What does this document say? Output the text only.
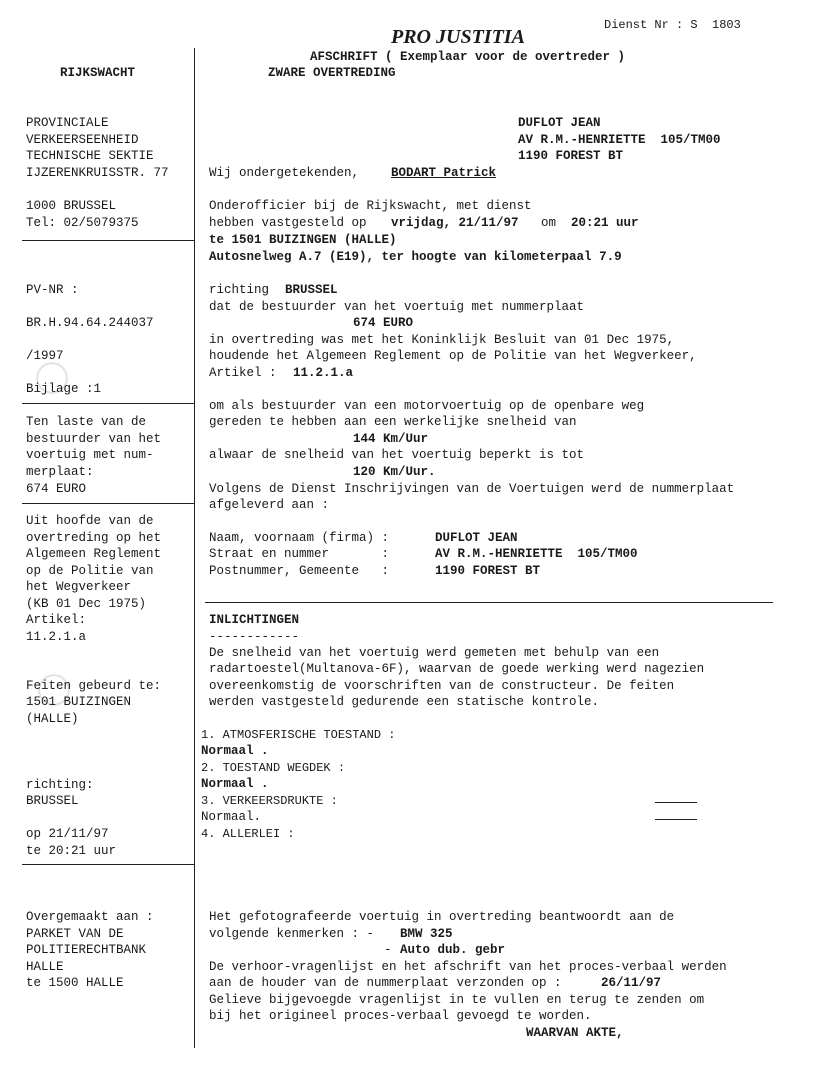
PRO JUSTITIA
Dienst Nr : S  1803
AFSCHRIFT ( Exemplaar voor de overtreder )
RIJKSWACHT	ZWARE OVERTREDING
PROVINCIALE
VERKEERSEENHEID
TECHNISCHE SEKTIE
IJZERENKRUISSTR. 77
1000 BRUSSEL
Tel: 02/5079375
DUFLOT JEAN
AV R.M.-HENRIETTE  105/TM00
1190 FOREST BT
Wij ondergetekenden,	BODART Patrick
Onderofficier bij de Rijkswacht, met dienst
hebben vastgesteld op vrijdag, 21/11/97 om 20:21 uur
te 1501 BUIZINGEN (HALLE)
Autosnelweg A.7 (E19), ter hoogte van kilometerpaal 7.9
PV-NR :
BR.H.94.64.244037
/1997
Bijlage :1
richting BRUSSEL
dat de bestuurder van het voertuig met nummerplaat
674 EURO
in overtreding was met het Koninklijk Besluit van 01 Dec 1975,
houdende het Algemeen Reglement op de Politie van het Wegverkeer,
Artikel : 11.2.1.a
om als bestuurder van een motorvoertuig op de openbare weg
gereden te hebben aan een werkelijke snelheid van
144 Km/Uur
alwaar de snelheid van het voertuig beperkt is tot
120 Km/Uur.
Volgens de Dienst Inschrijvingen van de Voertuigen werd de nummerplaat
afgeleverd aan :
Naam, voornaam (firma) :	DUFLOT JEAN
Straat en nummer       :	AV R.M.-HENRIETTE  105/TM00
Postnummer, Gemeente   :	1190 FOREST BT
Ten laste van de
bestuurder van het
voertuig met num-
merplaat:
674 EURO
Uit hoofde van de
overtreding op het
Algemeen Reglement
op de Politie van
het Wegverkeer
(KB 01 Dec 1975)
Artikel:
11.2.1.a
Feiten gebeurd te:
1501 BUIZINGEN
(HALLE)
richting:
BRUSSEL
op 21/11/97
te 20:21 uur
Overgemaakt aan :
PARKET VAN DE
POLITIERECHTBANK
HALLE
te 1500 HALLE
INLICHTINGEN
------------
De snelheid van het voertuig werd gemeten met behulp van een
radartoestel(Multanova-6F), waarvan de goede werking werd nagezien
overeenkomstig de voorschriften van de constructeur. De feiten
werden vastgesteld gedurende een statische kontrole.
1. ATMOSFERISCHE TOESTAND :
Normaal .
2. TOESTAND WEGDEK :
Normaal .
3. VERKEERSDRUKTE :
Normaal.
4. ALLERLEI :
Het gefotografeerde voertuig in overtreding beantwoordt aan de
volgende kenmerken : - BMW 325
- Auto dub. gebr
De verhoor-vragenlijst en het afschrift van het proces-verbaal werden
aan de houder van de nummerplaat verzonden op :	26/11/97
Gelieve bijgevoegde vragenlijst in te vullen en terug te zenden om
bij het origineel proces-verbaal gevoegd te worden.
WAARVAN AKTE,
